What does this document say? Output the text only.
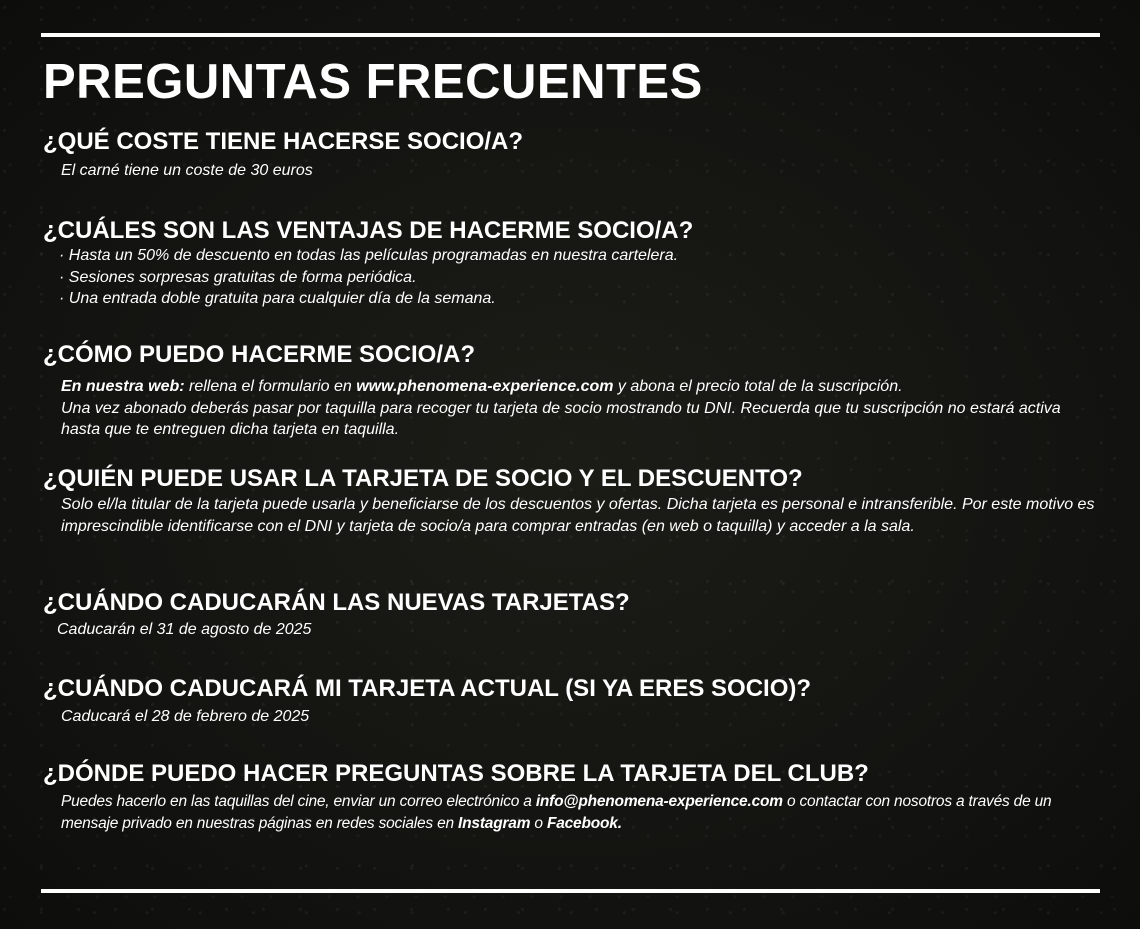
PREGUNTAS FRECUENTES
¿QUÉ COSTE TIENE HACERSE SOCIO/A?

El carné tiene un coste de 30 euros

¿CUÁLES SON LAS VENTAJAS DE HACERME SOCIO/A?
· Hasta un 50% de descuento en todas las películas programadas en nuestra cartelera.
· Sesiones sorpresas gratuitas de forma periódica.
· Una entrada doble gratuita para cualquier día de la semana.
¿CÓMO PUEDO HACERME SOCIO/A?

En nuestra web: rellena el formulario en www.phenomena-experience.com y abona el precio total de la suscripción.
Una vez abonado deberás pasar por taquilla para recoger tu tarjeta de socio mostrando tu DNI. Recuerda que tu suscripción no estará activa hasta que te entreguen dicha tarjeta en taquilla.

¿QUIÉN PUEDE USAR LA TARJETA DE SOCIO Y EL DESCUENTO?

Solo el/la titular de la tarjeta puede usarla y beneficiarse de los descuentos y ofertas. Dicha tarjeta es personal e intransferible. Por este motivo es imprescindible identificarse con el DNI y tarjeta de socio/a para comprar entradas (en web o taquilla) y acceder a la sala.

¿CUÁNDO CADUCARÁN LAS NUEVAS TARJETAS?

Caducarán el 31 de agosto de 2025

¿CUÁNDO CADUCARÁ MI TARJETA ACTUAL (SI YA ERES SOCIO)?

Caducará el 28 de febrero de 2025

¿DÓNDE PUEDO HACER PREGUNTAS SOBRE LA TARJETA DEL CLUB?

Puedes hacerlo en las taquillas del cine, enviar un correo electrónico a info@phenomena-experience.com o contactar con nosotros a través de un mensaje privado en nuestras páginas en redes sociales en Instagram o Facebook.
